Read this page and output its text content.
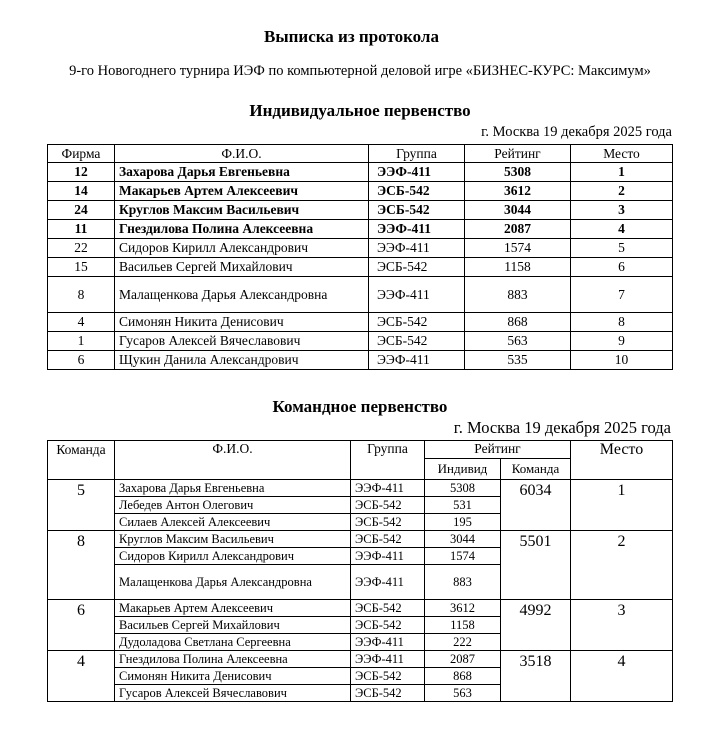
Выписка из протокола
9-го Новогоднего турнира ИЭФ по компьютерной деловой игре «БИЗНЕС-КУРС: Максимум»
Индивидуальное первенство
г. Москва 19 декабря 2025 года
Фирма	Ф.И.О.	Группа	Рейтинг	Место
12	Захарова Дарья Евгеньевна	ЭЭФ-411	5308	1
14	Макарьев Артем Алексеевич	ЭСБ-542	3612	2
24	Круглов Максим Васильевич	ЭСБ-542	3044	3
11	Гнездилова Полина Алексеевна	ЭЭФ-411	2087	4
22	Сидоров Кирилл Александрович	ЭЭФ-411	1574	5
15	Васильев Сергей Михайлович	ЭСБ-542	1158	6
8	Малащенкова Дарья Александровна	ЭЭФ-411	883	7
4	Симонян Никита Денисович	ЭСБ-542	868	8
1	Гусаров Алексей Вячеславович	ЭСБ-542	563	9
6	Щукин Данила Александрович	ЭЭФ-411	535	10
Командное первенство
г. Москва 19 декабря 2025 года
Команда	Ф.И.О.	Группа	Рейтинг		Место
			Индивид	Команда	
5	Захарова Дарья Евгеньевна	ЭЭФ-411	5308	6034	1
	Лебедев Антон Олегович	ЭСБ-542	531		
	Силаев Алексей Алексеевич	ЭСБ-542	195		
8	Круглов Максим Васильевич	ЭСБ-542	3044	5501	2
	Сидоров Кирилл Александрович	ЭЭФ-411	1574		
	Малащенкова Дарья Александровна	ЭЭФ-411	883		
6	Макарьев Артем Алексеевич	ЭСБ-542	3612	4992	3
	Васильев Сергей Михайлович	ЭСБ-542	1158		
	Дудоладова Светлана Сергеевна	ЭЭФ-411	222		
4	Гнездилова Полина Алексеевна	ЭЭФ-411	2087	3518	4
	Симонян Никита Денисович	ЭСБ-542	868		
	Гусаров Алексей Вячеславович	ЭСБ-542	563		
